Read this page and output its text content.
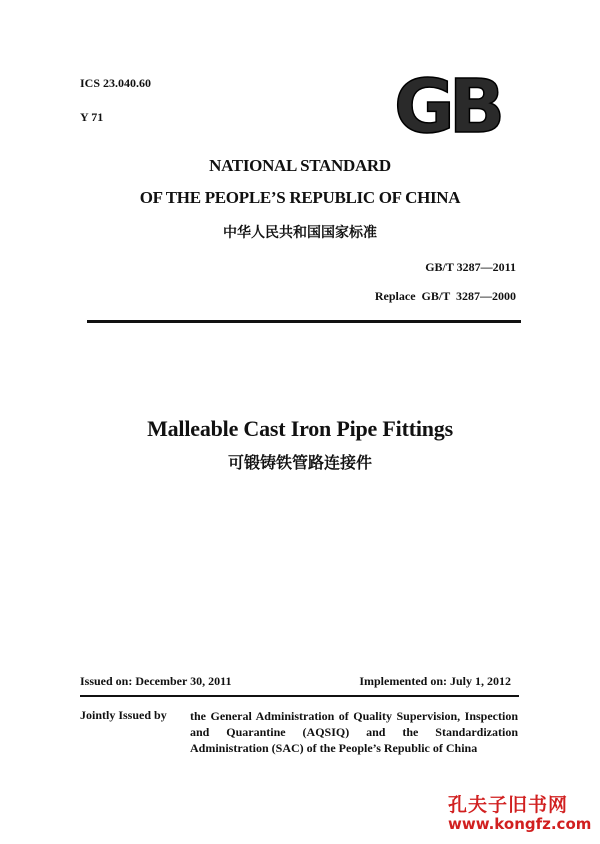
ICS 23.040.60
Y 71	GB
NATIONAL STANDARD
OF THE PEOPLE’S REPUBLIC OF CHINA
中华人民共和国国家标准
GB/T 3287—2011
Replace GB/T 3287—2000
Malleable Cast Iron Pipe Fittings
可锻铸铁管路连接件
Issued on: December 30, 2011	Implemented on: July 1, 2012
Jointly Issued by the General Administration of Quality Supervision, Inspection and Quarantine (AQSIQ) and the Standardization Administration (SAC) of the People’s Republic of China
孔夫子旧书网
www.kongfz.com
